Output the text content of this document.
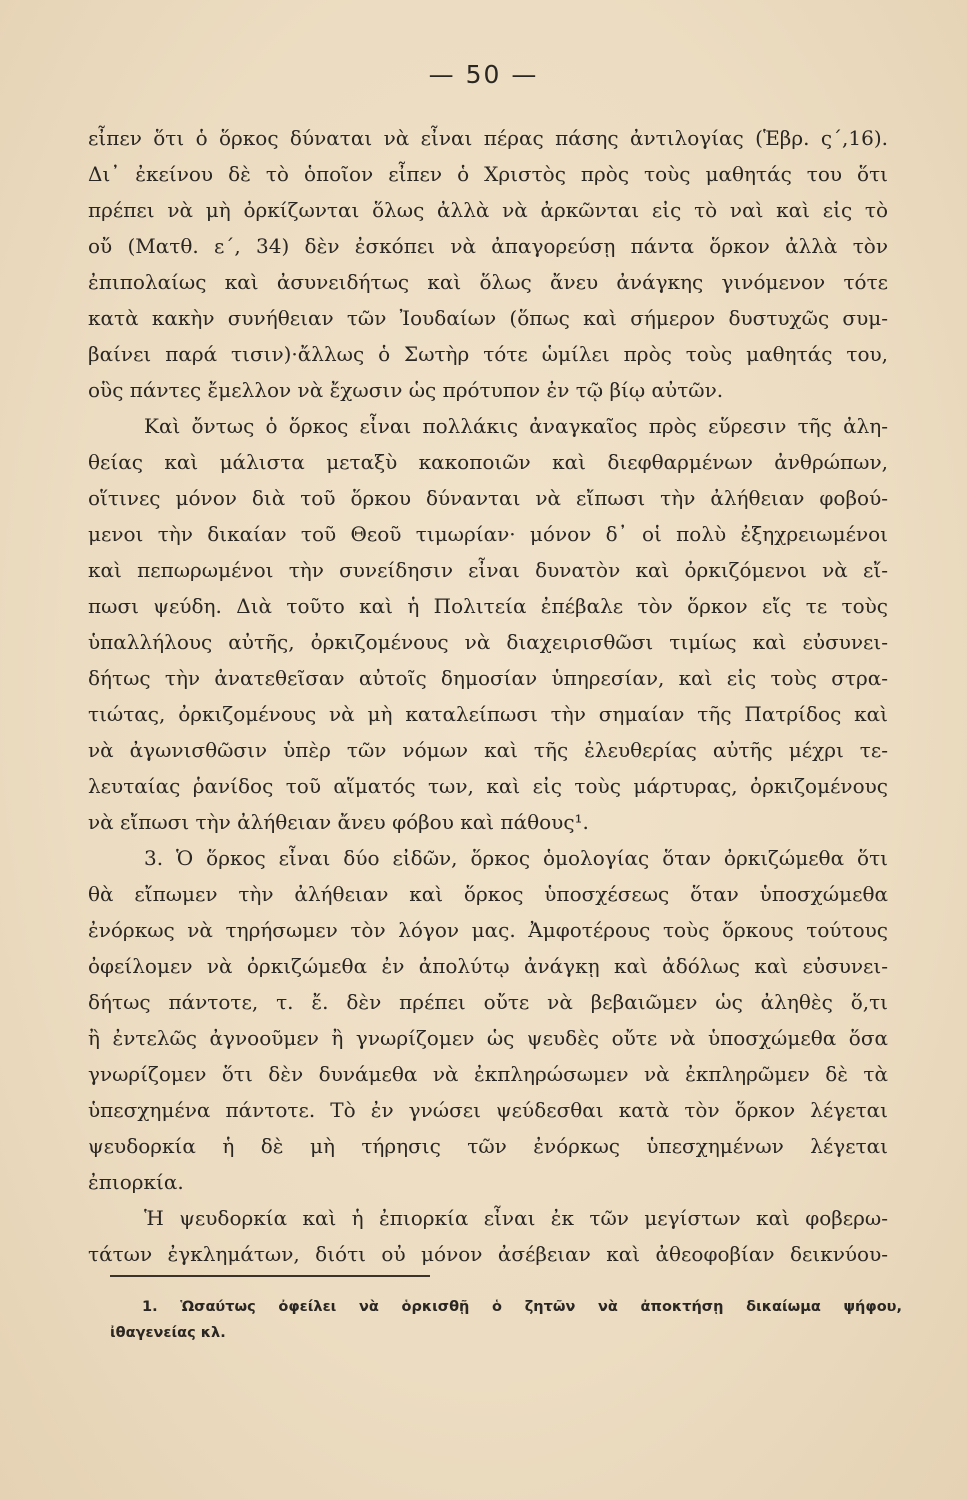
— 50 —
εἶπεν ὅτι ὁ ὅρκος δύναται νὰ εἶναι πέρας πάσης ἀντιλογίας (Ἑβρ. ς΄,16).
Δι᾿ ἐκείνου δὲ τὸ ὁποῖον εἶπεν ὁ Χριστὸς πρὸς τοὺς μαθητάς του ὅτι
πρέπει νὰ μὴ ὀρκίζωνται ὅλως ἀλλὰ νὰ ἀρκῶνται εἰς τὸ ναὶ καὶ εἰς τὸ
οὔ (Ματθ. ε΄, 34) δὲν ἐσκόπει νὰ ἀπαγορεύσῃ πάντα ὅρκον ἀλλὰ τὸν
ἐπιπολαίως καὶ ἀσυνειδήτως καὶ ὅλως ἄνευ ἀνάγκης γινόμενον τότε
κατὰ κακὴν συνήθειαν τῶν Ἰουδαίων (ὅπως καὶ σήμερον δυστυχῶς συμ-
βαίνει παρά τισιν)·ἄλλως ὁ Σωτὴρ τότε ὡμίλει πρὸς τοὺς μαθητάς του,
οὓς πάντες ἔμελλον νὰ ἔχωσιν ὡς πρότυπον ἐν τῷ βίῳ αὐτῶν.
Καὶ ὄντως ὁ ὅρκος εἶναι πολλάκις ἀναγκαῖος πρὸς εὕρεσιν τῆς ἀλη-
θείας καὶ μάλιστα μεταξὺ κακοποιῶν καὶ διεφθαρμένων ἀνθρώπων,
οἵτινες μόνον διὰ τοῦ ὅρκου δύνανται νὰ εἴπωσι τὴν ἀλήθειαν φοβού-
μενοι τὴν δικαίαν τοῦ Θεοῦ τιμωρίαν· μόνον δ᾿ οἱ πολὺ ἐξηχρειωμένοι
καὶ πεπωρωμένοι τὴν συνείδησιν εἶναι δυνατὸν καὶ ὀρκιζόμενοι νὰ εἴ-
πωσι ψεύδη. Διὰ τοῦτο καὶ ἡ Πολιτεία ἐπέβαλε τὸν ὅρκον εἴς τε τοὺς
ὑπαλλήλους αὐτῆς, ὀρκιζομένους νὰ διαχειρισθῶσι τιμίως καὶ εὐσυνει-
δήτως τὴν ἀνατεθεῖσαν αὐτοῖς δημοσίαν ὑπηρεσίαν, καὶ εἰς τοὺς στρα-
τιώτας, ὀρκιζομένους νὰ μὴ καταλείπωσι τὴν σημαίαν τῆς Πατρίδος καὶ
νὰ ἀγωνισθῶσιν ὑπὲρ τῶν νόμων καὶ τῆς ἐλευθερίας αὐτῆς μέχρι τε-
λευταίας ῥανίδος τοῦ αἵματός των, καὶ εἰς τοὺς μάρτυρας, ὀρκιζομένους
νὰ εἴπωσι τὴν ἀλήθειαν ἄνευ φόβου καὶ πάθους¹.
3. Ὁ ὅρκος εἶναι δύο εἰδῶν, ὅρκος ὁμολογίας ὅταν ὀρκιζώμεθα ὅτι
θὰ εἴπωμεν τὴν ἀλήθειαν καὶ ὅρκος ὑποσχέσεως ὅταν ὑποσχώμεθα
ἐνόρκως νὰ τηρήσωμεν τὸν λόγον μας. Ἀμφοτέρους τοὺς ὅρκους τούτους
ὀφείλομεν νὰ ὀρκιζώμεθα ἐν ἀπολύτῳ ἀνάγκῃ καὶ ἀδόλως καὶ εὐσυνει-
δήτως πάντοτε, τ. ἔ. δὲν πρέπει οὔτε νὰ βεβαιῶμεν ὡς ἀληθὲς ὅ,τι
ἢ ἐντελῶς ἀγνοοῦμεν ἢ γνωρίζομεν ὡς ψευδὲς οὔτε νὰ ὑποσχώμεθα ὅσα
γνωρίζομεν ὅτι δὲν δυνάμεθα νὰ ἐκπληρώσωμεν νὰ ἐκπληρῶμεν δὲ τὰ
ὑπεσχημένα πάντοτε. Τὸ ἐν γνώσει ψεύδεσθαι κατὰ τὸν ὅρκον λέγεται
ψευδορκία ἡ δὲ μὴ τήρησις τῶν ἐνόρκως ὑπεσχημένων λέγεται
ἐπιορκία.
Ἡ ψευδορκία καὶ ἡ ἐπιορκία εἶναι ἐκ τῶν μεγίστων καὶ φοβερω-
τάτων ἐγκλημάτων, διότι οὐ μόνον ἀσέβειαν καὶ ἀθεοφοβίαν δεικνύου-
1. Ὡσαύτως ὀφείλει νὰ ὁρκισθῇ ὁ ζητῶν νὰ ἀποκτήσῃ δικαίωμα ψήφου,
ἰθαγενείας κλ.
